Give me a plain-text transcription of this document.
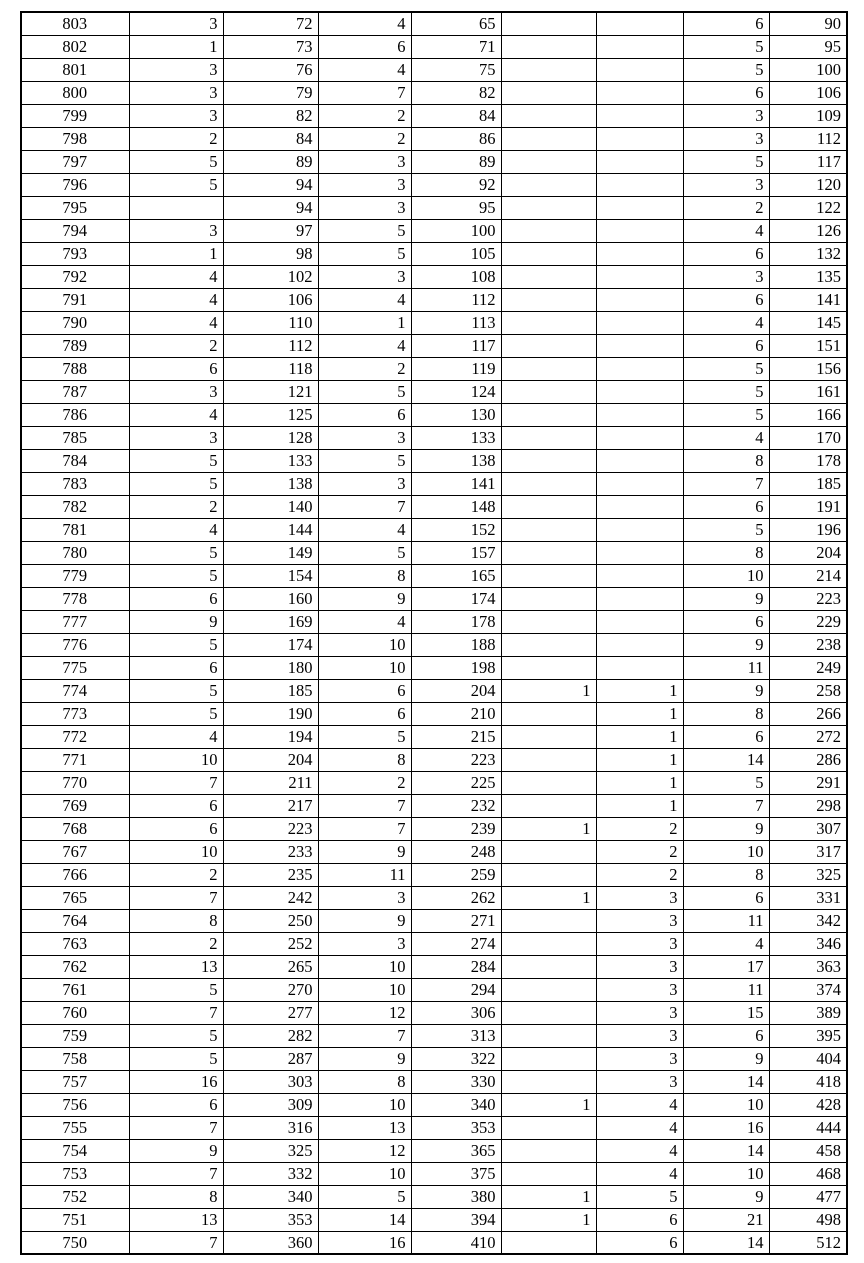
803	3	72	4	65			6	90
802	1	73	6	71			5	95
801	3	76	4	75			5	100
800	3	79	7	82			6	106
799	3	82	2	84			3	109
798	2	84	2	86			3	112
797	5	89	3	89			5	117
796	5	94	3	92			3	120
795		94	3	95			2	122
794	3	97	5	100			4	126
793	1	98	5	105			6	132
792	4	102	3	108			3	135
791	4	106	4	112			6	141
790	4	110	1	113			4	145
789	2	112	4	117			6	151
788	6	118	2	119			5	156
787	3	121	5	124			5	161
786	4	125	6	130			5	166
785	3	128	3	133			4	170
784	5	133	5	138			8	178
783	5	138	3	141			7	185
782	2	140	7	148			6	191
781	4	144	4	152			5	196
780	5	149	5	157			8	204
779	5	154	8	165			10	214
778	6	160	9	174			9	223
777	9	169	4	178			6	229
776	5	174	10	188			9	238
775	6	180	10	198			11	249
774	5	185	6	204	1	1	9	258
773	5	190	6	210		1	8	266
772	4	194	5	215		1	6	272
771	10	204	8	223		1	14	286
770	7	211	2	225		1	5	291
769	6	217	7	232		1	7	298
768	6	223	7	239	1	2	9	307
767	10	233	9	248		2	10	317
766	2	235	11	259		2	8	325
765	7	242	3	262	1	3	6	331
764	8	250	9	271		3	11	342
763	2	252	3	274		3	4	346
762	13	265	10	284		3	17	363
761	5	270	10	294		3	11	374
760	7	277	12	306		3	15	389
759	5	282	7	313		3	6	395
758	5	287	9	322		3	9	404
757	16	303	8	330		3	14	418
756	6	309	10	340	1	4	10	428
755	7	316	13	353		4	16	444
754	9	325	12	365		4	14	458
753	7	332	10	375		4	10	468
752	8	340	5	380	1	5	9	477
751	13	353	14	394	1	6	21	498
750	7	360	16	410		6	14	512
